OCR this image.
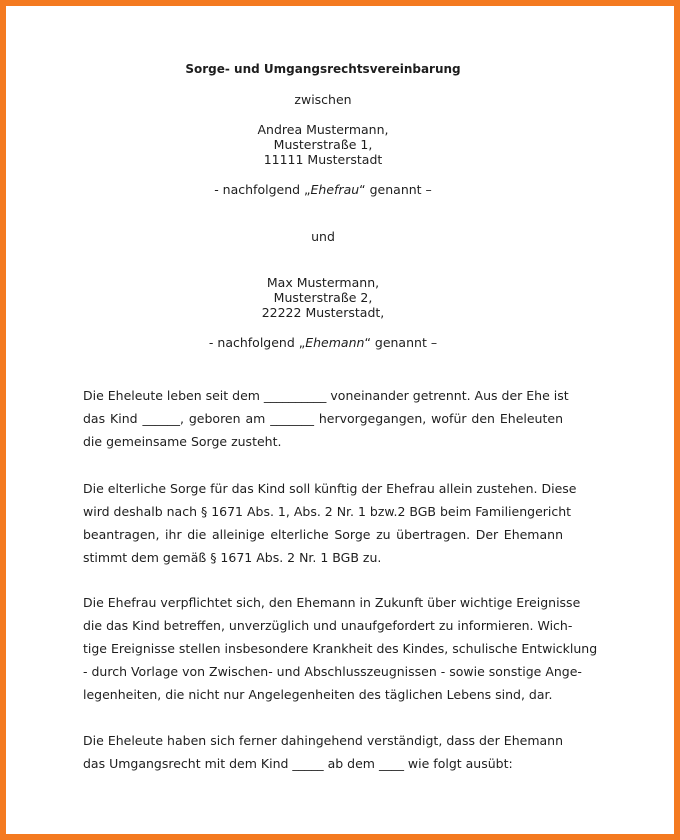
Sorge- und Umgangsrechtsvereinbarung
zwischen
Andrea Mustermann,
Musterstraße 1,
11111 Musterstadt
- nachfolgend „Ehefrau“ genannt –
und
Max Mustermann,
Musterstraße 2,
22222 Musterstadt,
- nachfolgend „Ehemann“ genannt –
Die Eheleute leben seit dem __________ voneinander getrennt. Aus der Ehe ist
das Kind ______, geboren am _______ hervorgegangen, wofür den Eheleuten
die gemeinsame Sorge zusteht.
Die elterliche Sorge für das Kind soll künftig der Ehefrau allein zustehen. Diese
wird deshalb nach § 1671 Abs. 1, Abs. 2 Nr. 1 bzw.2 BGB beim Familiengericht
beantragen, ihr die alleinige elterliche Sorge zu übertragen. Der Ehemann
stimmt dem gemäß § 1671 Abs. 2 Nr. 1 BGB zu.
Die Ehefrau verpflichtet sich, den Ehemann in Zukunft über wichtige Ereignisse
die das Kind betreffen, unverzüglich und unaufgefordert zu informieren. Wich-
tige Ereignisse stellen insbesondere Krankheit des Kindes, schulische Entwicklung
- durch Vorlage von Zwischen- und Abschlusszeugnissen - sowie sonstige Ange-
legenheiten, die nicht nur Angelegenheiten des täglichen Lebens sind, dar.
Die Eheleute haben sich ferner dahingehend verständigt, dass der Ehemann
das Umgangsrecht mit dem Kind _____ ab dem ____ wie folgt ausübt:
